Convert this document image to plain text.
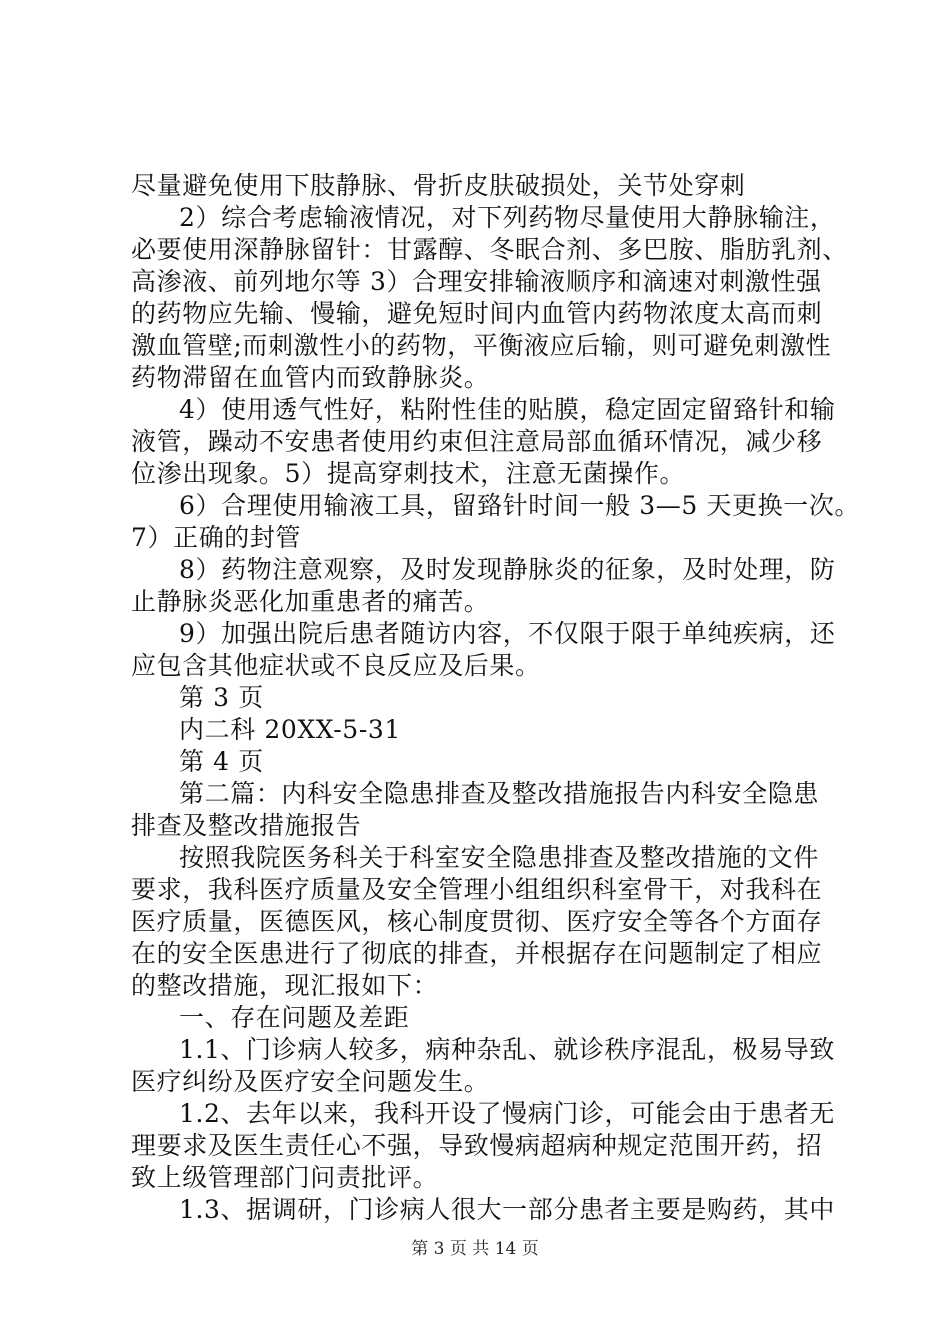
尽量避免使用下肢静脉、骨折皮肤破损处，关节处穿刺
2）综合考虑输液情况，对下列药物尽量使用大静脉输注，
必要使用深静脉留针：甘露醇、冬眠合剂、多巴胺、脂肪乳剂、
高渗液、前列地尔等 3）合理安排输液顺序和滴速对刺激性强
的药物应先输、慢输，避免短时间内血管内药物浓度太高而刺
激血管壁;而刺激性小的药物，平衡液应后输，则可避免刺激性
药物滞留在血管内而致静脉炎。
4）使用透气性好，粘附性佳的贴膜，稳定固定留臵针和输
液管，躁动不安患者使用约束但注意局部血循环情况，减少移
位渗出现象。5）提高穿刺技术，注意无菌操作。
6）合理使用输液工具，留臵针时间一般 3—5 天更换一次。
7）正确的封管
8）药物注意观察，及时发现静脉炎的征象，及时处理，防
止静脉炎恶化加重患者的痛苦。
9）加强出院后患者随访内容，不仅限于限于单纯疾病，还
应包含其他症状或不良反应及后果。
第 3 页
内二科 20XX-5-31
第 4 页
第二篇：内科安全隐患排查及整改措施报告内科安全隐患
排查及整改措施报告
按照我院医务科关于科室安全隐患排查及整改措施的文件
要求，我科医疗质量及安全管理小组组织科室骨干，对我科在
医疗质量，医德医风，核心制度贯彻、医疗安全等各个方面存
在的安全医患进行了彻底的排查，并根据存在问题制定了相应
的整改措施，现汇报如下：
一、存在问题及差距
1.1、门诊病人较多，病种杂乱、就诊秩序混乱，极易导致
医疗纠纷及医疗安全问题发生。
1.2、去年以来，我科开设了慢病门诊，可能会由于患者无
理要求及医生责任心不强，导致慢病超病种规定范围开药，招
致上级管理部门问责批评。
1.3、据调研，门诊病人很大一部分患者主要是购药，其中
第 3 页 共 14 页
